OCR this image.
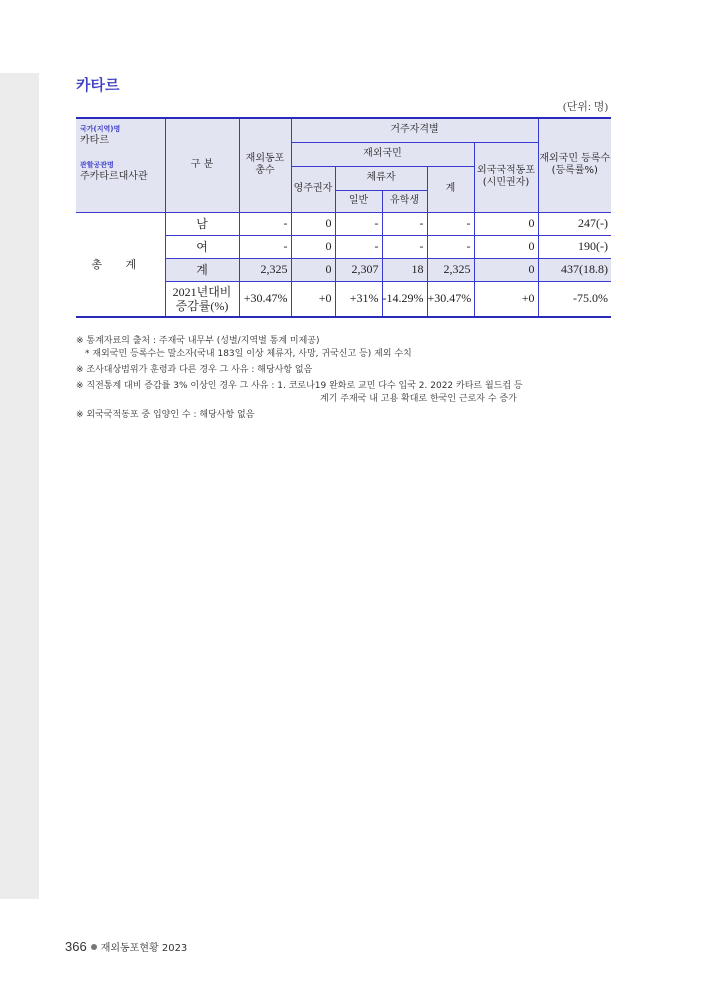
카타르
(단위: 명)
국가(지역)명
카타르
관할공관명
주카타르대사관	구 분	재외동포 총수	거주자격별					재외국민 등록수 (등록률%)
			재외국민				외국국적동포 (시민권자)	
			영주권자	체류자		계		
				일반	유학생			
총 계	남	-	0	-	-	-	0	247(-)
	여	-	0	-	-	-	0	190(-)
	계	2,325	0	2,307	18	2,325	0	437(18.8)
	2021년대비 증감률(%)	+30.47%	+0	+31%	-14.29%	+30.47%	+0	-75.0%

※ 통계자료의 출처 : 주재국 내무부 (성별/지역별 통계 미제공)
* 재외국민 등록수는 말소자(국내 183일 이상 체류자, 사망, 귀국신고 등) 제외 수치

※ 조사대상범위가 훈령과 다른 경우 그 사유 : 해당사항 없음

※ 직전통계 대비 증감률 3% 이상인 경우 그 사유 : 1. 코로나19 완화로 교민 다수 입국 2. 2022 카타르 월드컵 등
계기 주재국 내 고용 확대로 한국인 근로자 수 증가

※ 외국국적동포 중 입양인 수 : 해당사항 없음

366 재외동포현황 2023
